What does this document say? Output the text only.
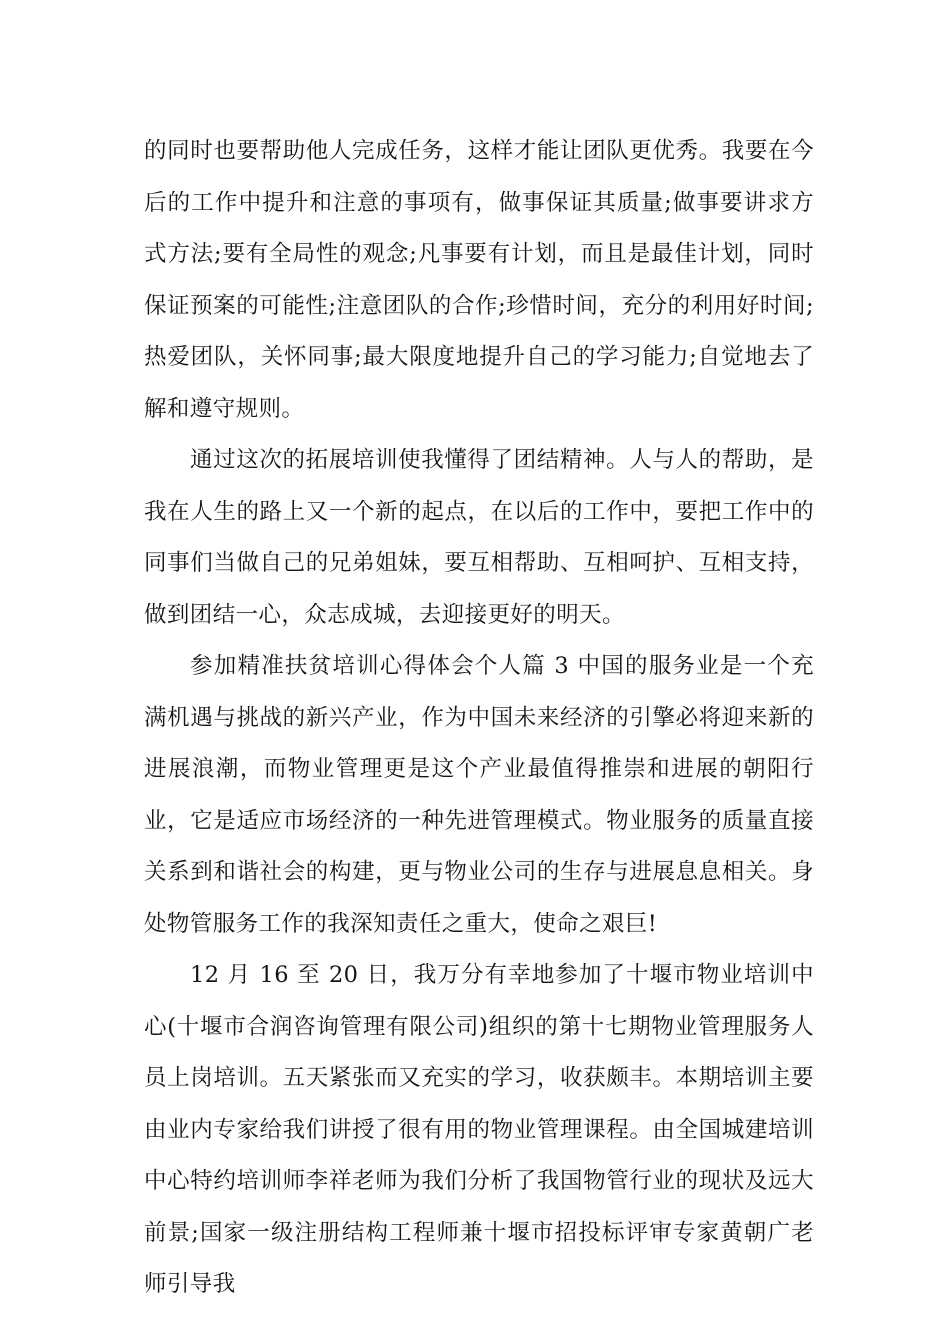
的同时也要帮助他人完成任务，这样才能让团队更优秀。我要在今后的工作中提升和注意的事项有，做事保证其质量;做事要讲求方式方法;要有全局性的观念;凡事要有计划，而且是最佳计划，同时保证预案的可能性;注意团队的合作;珍惜时间，充分的利用好时间;热爱团队，关怀同事;最大限度地提升自己的学习能力;自觉地去了解和遵守规则。

通过这次的拓展培训使我懂得了团结精神。人与人的帮助，是我在人生的路上又一个新的起点，在以后的工作中，要把工作中的同事们当做自己的兄弟姐妹，要互相帮助、互相呵护、互相支持，做到团结一心，众志成城，去迎接更好的明天。

参加精准扶贫培训心得体会个人篇 3 中国的服务业是一个充满机遇与挑战的新兴产业，作为中国未来经济的引擎必将迎来新的进展浪潮，而物业管理更是这个产业最值得推崇和进展的朝阳行业，它是适应市场经济的一种先进管理模式。物业服务的质量直接关系到和谐社会的构建，更与物业公司的生存与进展息息相关。身处物管服务工作的我深知责任之重大，使命之艰巨!

12 月 16 至 20 日，我万分有幸地参加了十堰市物业培训中心(十堰市合润咨询管理有限公司)组织的第十七期物业管理服务人员上岗培训。五天紧张而又充实的学习，收获颇丰。本期培训主要由业内专家给我们讲授了很有用的物业管理课程。由全国城建培训中心特约培训师李祥老师为我们分析了我国物管行业的现状及远大前景;国家一级注册结构工程师兼十堰市招投标评审专家黄朝广老师引导我
